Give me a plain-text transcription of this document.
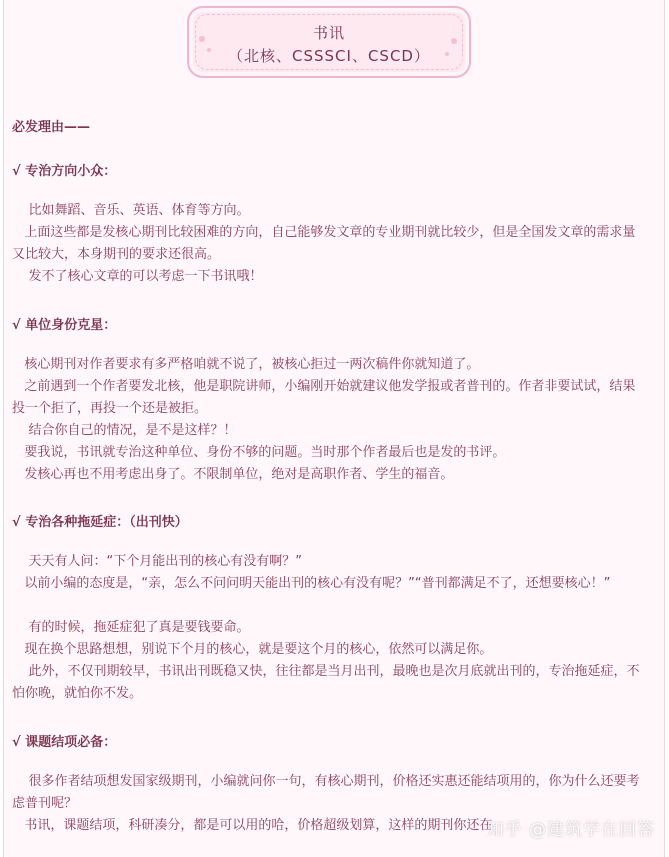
书讯
（北核、CSSSCI、CSCD）
必发理由——
√ 专治方向小众：
比如舞蹈、音乐、英语、体育等方向。
上面这些都是发核心期刊比较困难的方向，自己能够发文章的专业期刊就比较少，但是全国发文章的需求量又比较大，本身期刊的要求还很高。
发不了核心文章的可以考虑一下书讯哦！
√ 单位身份克星：
核心期刊对作者要求有多严格咱就不说了，被核心拒过一两次稿件你就知道了。
之前遇到一个作者要发北核，他是职院讲师，小编刚开始就建议他发学报或者普刊的。作者非要试试，结果投一个拒了，再投一个还是被拒。
结合你自己的情况，是不是这样？！
要我说，书讯就专治这种单位、身份不够的问题。当时那个作者最后也是发的书评。
发核心再也不用考虑出身了。不限制单位，绝对是高职作者、学生的福音。
√ 专治各种拖延症：（出刊快）
天天有人问：“下个月能出刊的核心有没有啊？”
以前小编的态度是，“亲，怎么不问问明天能出刊的核心有没有呢？”“普刊都满足不了，还想要核心！”
有的时候，拖延症犯了真是要钱要命。
现在换个思路想想，别说下个月的核心，就是要这个月的核心，依然可以满足你。
此外，不仅刊期较早，书讯出刊既稳又快，往往都是当月出刊，最晚也是次月底就出刊的，专治拖延症，不怕你晚，就怕你不发。
√ 课题结项必备：
很多作者结项想发国家级期刊，小编就问你一句，有核心期刊，价格还实惠还能结项用的，你为什么还要考虑普刊呢？
书讯，课题结项，科研凑分，都是可以用的哈，价格超级划算，这样的期刊你还在
知乎 @建筑学在回答
